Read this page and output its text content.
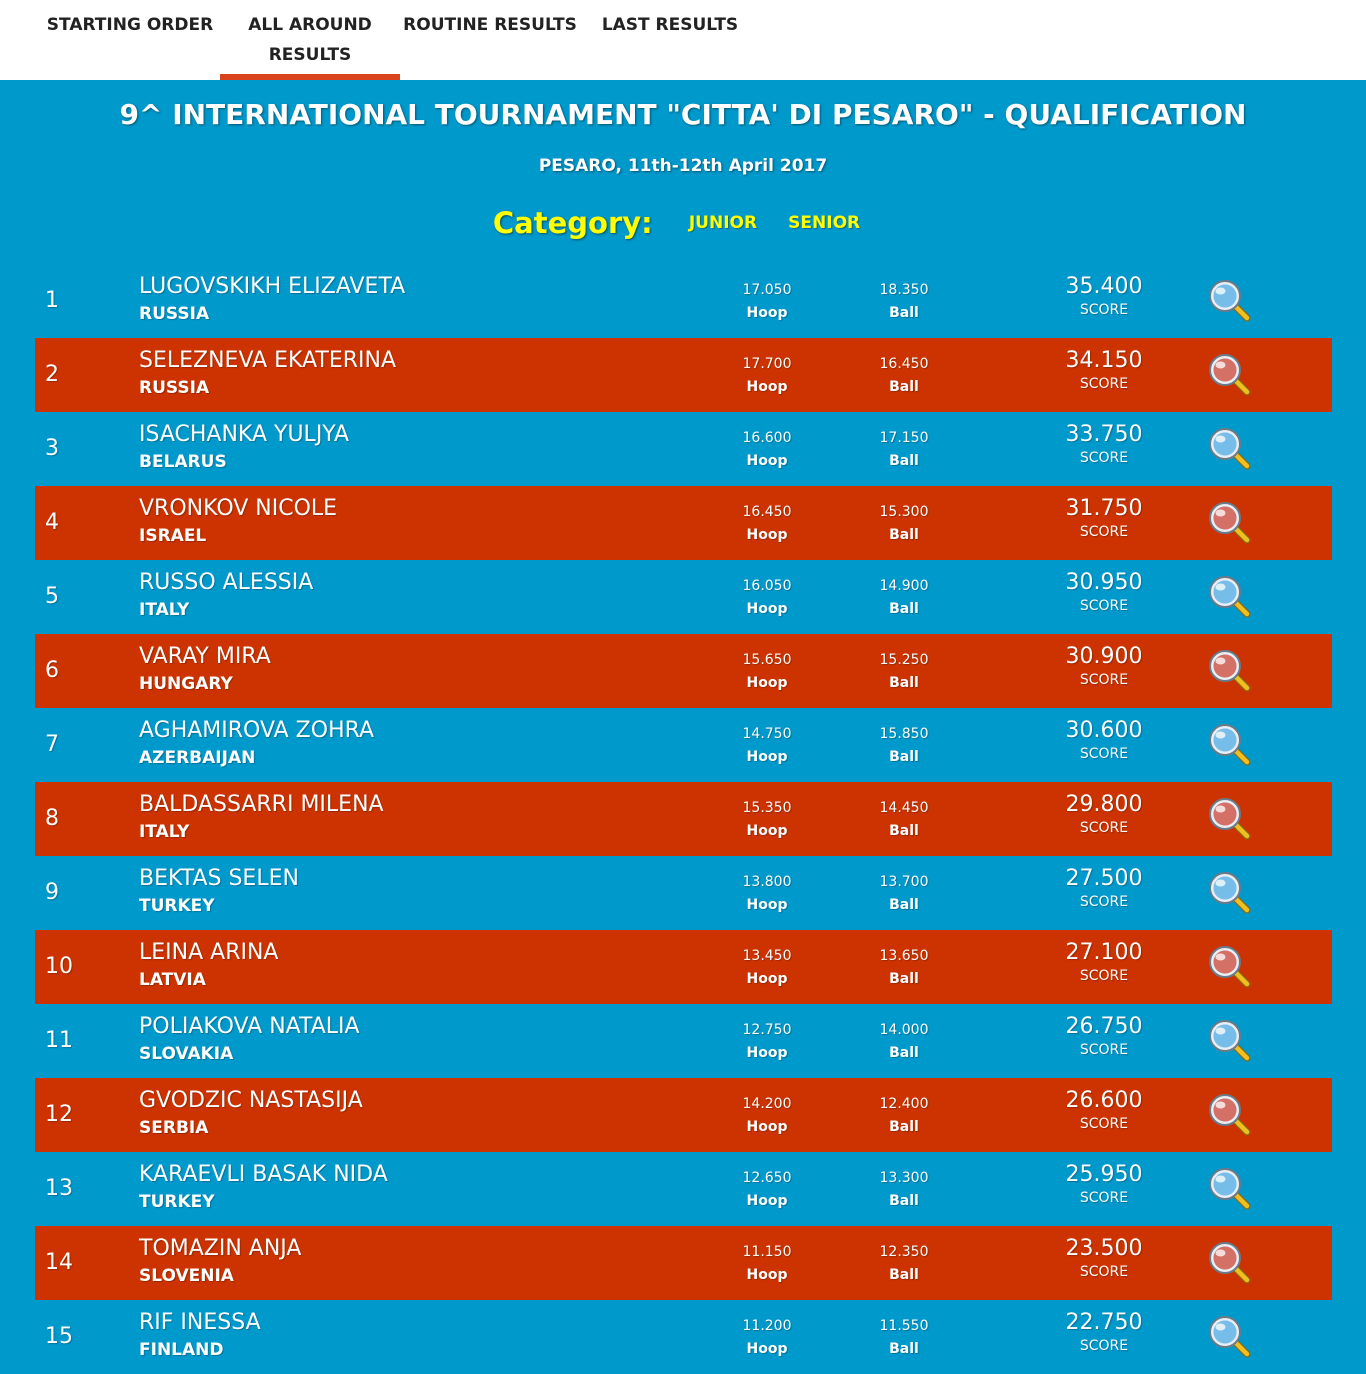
STARTING ORDER	ALL AROUND
RESULTS
ROUTINE RESULTS	LAST RESULTS
9^ INTERNATIONAL TOURNAMENT "CITTA' DI PESARO" - QUALIFICATION
PESARO, 11th-12th April 2017
Category: JUNIOR SENIOR
1
LUGOVSKIKH ELIZAVETA
RUSSIA
17.050
Hoop
18.350
Ball
35.400
SCORE
2
SELEZNEVA EKATERINA
RUSSIA
17.700
Hoop
16.450
Ball
34.150
SCORE
3
ISACHANKA YULJYA
BELARUS
16.600
Hoop
17.150
Ball
33.750
SCORE
4
VRONKOV NICOLE
ISRAEL
16.450
Hoop
15.300
Ball
31.750
SCORE
5
RUSSO ALESSIA
ITALY
16.050
Hoop
14.900
Ball
30.950
SCORE
6
VARAY MIRA
HUNGARY
15.650
Hoop
15.250
Ball
30.900
SCORE
7
AGHAMIROVA ZOHRA
AZERBAIJAN
14.750
Hoop
15.850
Ball
30.600
SCORE
8
BALDASSARRI MILENA
ITALY
15.350
Hoop
14.450
Ball
29.800
SCORE
9
BEKTAS SELEN
TURKEY
13.800
Hoop
13.700
Ball
27.500
SCORE
10
LEINA ARINA
LATVIA
13.450
Hoop
13.650
Ball
27.100
SCORE
11
POLIAKOVA NATALIA
SLOVAKIA
12.750
Hoop
14.000
Ball
26.750
SCORE
12
GVODZIC NASTASIJA
SERBIA
14.200
Hoop
12.400
Ball
26.600
SCORE
13
KARAEVLI BASAK NIDA
TURKEY
12.650
Hoop
13.300
Ball
25.950
SCORE
14
TOMAZIN ANJA
SLOVENIA
11.150
Hoop
12.350
Ball
23.500
SCORE
15
RIF INESSA
FINLAND
11.200
Hoop
11.550
Ball
22.750
SCORE
